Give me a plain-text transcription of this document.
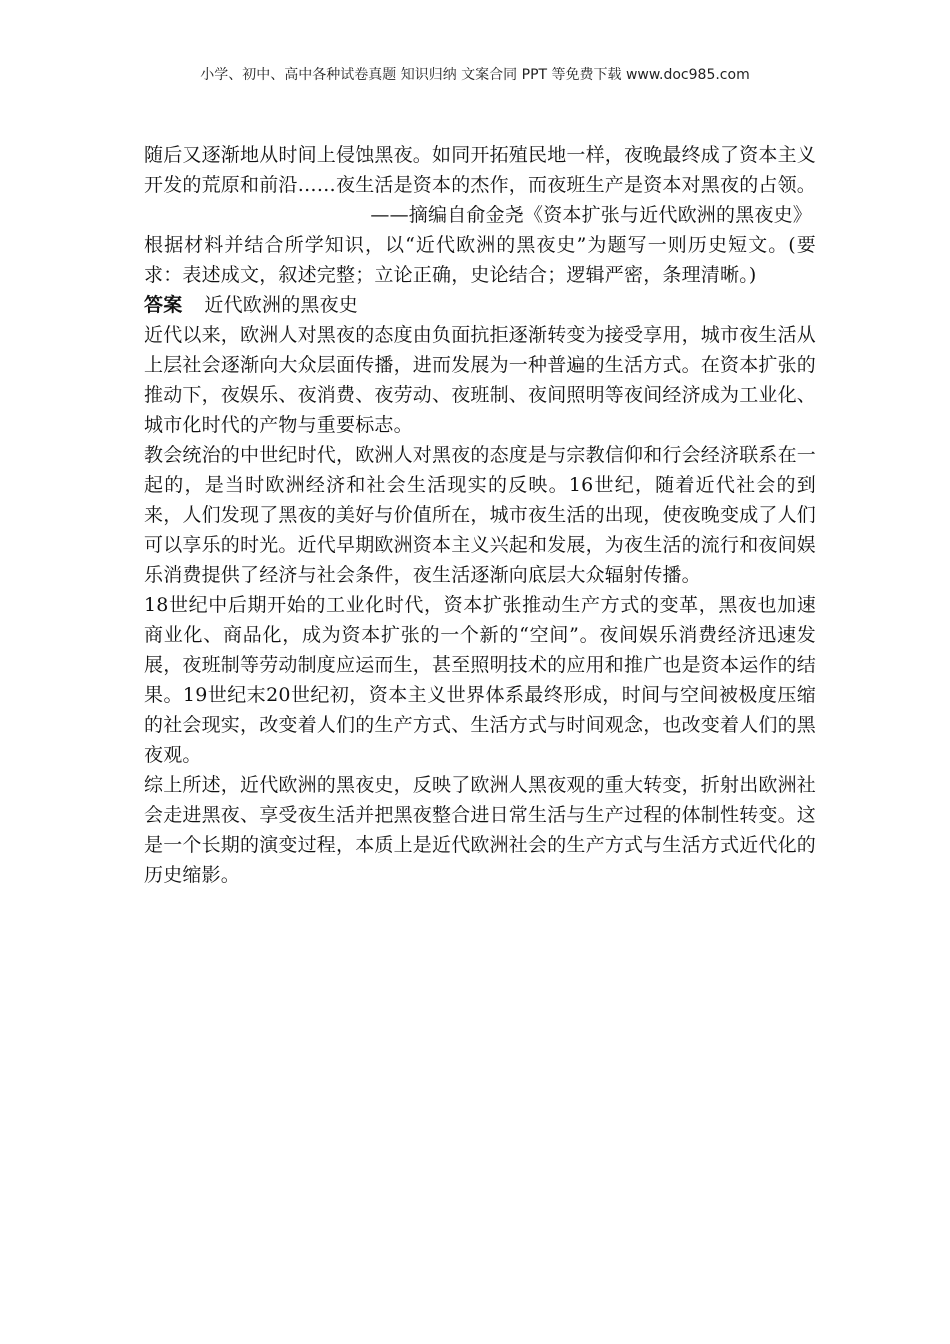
小学、初中、高中各种试卷真题 知识归纳 文案合同 PPT 等免费下载 www.doc985.com

随后又逐渐地从时间上侵蚀黑夜。如同开拓殖民地一样，夜晚最终成了资本主义开发的荒原和前沿……夜生活是资本的杰作，而夜班生产是资本对黑夜的占领。

——摘编自俞金尧《资本扩张与近代欧洲的黑夜史》

根据材料并结合所学知识，以“近代欧洲的黑夜史”为题写一则历史短文。(要求：表述成文，叙述完整；立论正确，史论结合；逻辑严密，条理清晰。)

答案 近代欧洲的黑夜史

近代以来，欧洲人对黑夜的态度由负面抗拒逐渐转变为接受享用，城市夜生活从上层社会逐渐向大众层面传播，进而发展为一种普遍的生活方式。在资本扩张的推动下，夜娱乐、夜消费、夜劳动、夜班制、夜间照明等夜间经济成为工业化、城市化时代的产物与重要标志。

教会统治的中世纪时代，欧洲人对黑夜的态度是与宗教信仰和行会经济联系在一起的，是当时欧洲经济和社会生活现实的反映。16世纪，随着近代社会的到来，人们发现了黑夜的美好与价值所在，城市夜生活的出现，使夜晚变成了人们可以享乐的时光。近代早期欧洲资本主义兴起和发展，为夜生活的流行和夜间娱乐消费提供了经济与社会条件，夜生活逐渐向底层大众辐射传播。

18世纪中后期开始的工业化时代，资本扩张推动生产方式的变革，黑夜也加速商业化、商品化，成为资本扩张的一个新的“空间”。夜间娱乐消费经济迅速发展，夜班制等劳动制度应运而生，甚至照明技术的应用和推广也是资本运作的结果。19世纪末20世纪初，资本主义世界体系最终形成，时间与空间被极度压缩的社会现实，改变着人们的生产方式、生活方式与时间观念，也改变着人们的黑夜观。

综上所述，近代欧洲的黑夜史，反映了欧洲人黑夜观的重大转变，折射出欧洲社会走进黑夜、享受夜生活并把黑夜整合进日常生活与生产过程的体制性转变。这是一个长期的演变过程，本质上是近代欧洲社会的生产方式与生活方式近代化的历史缩影。
